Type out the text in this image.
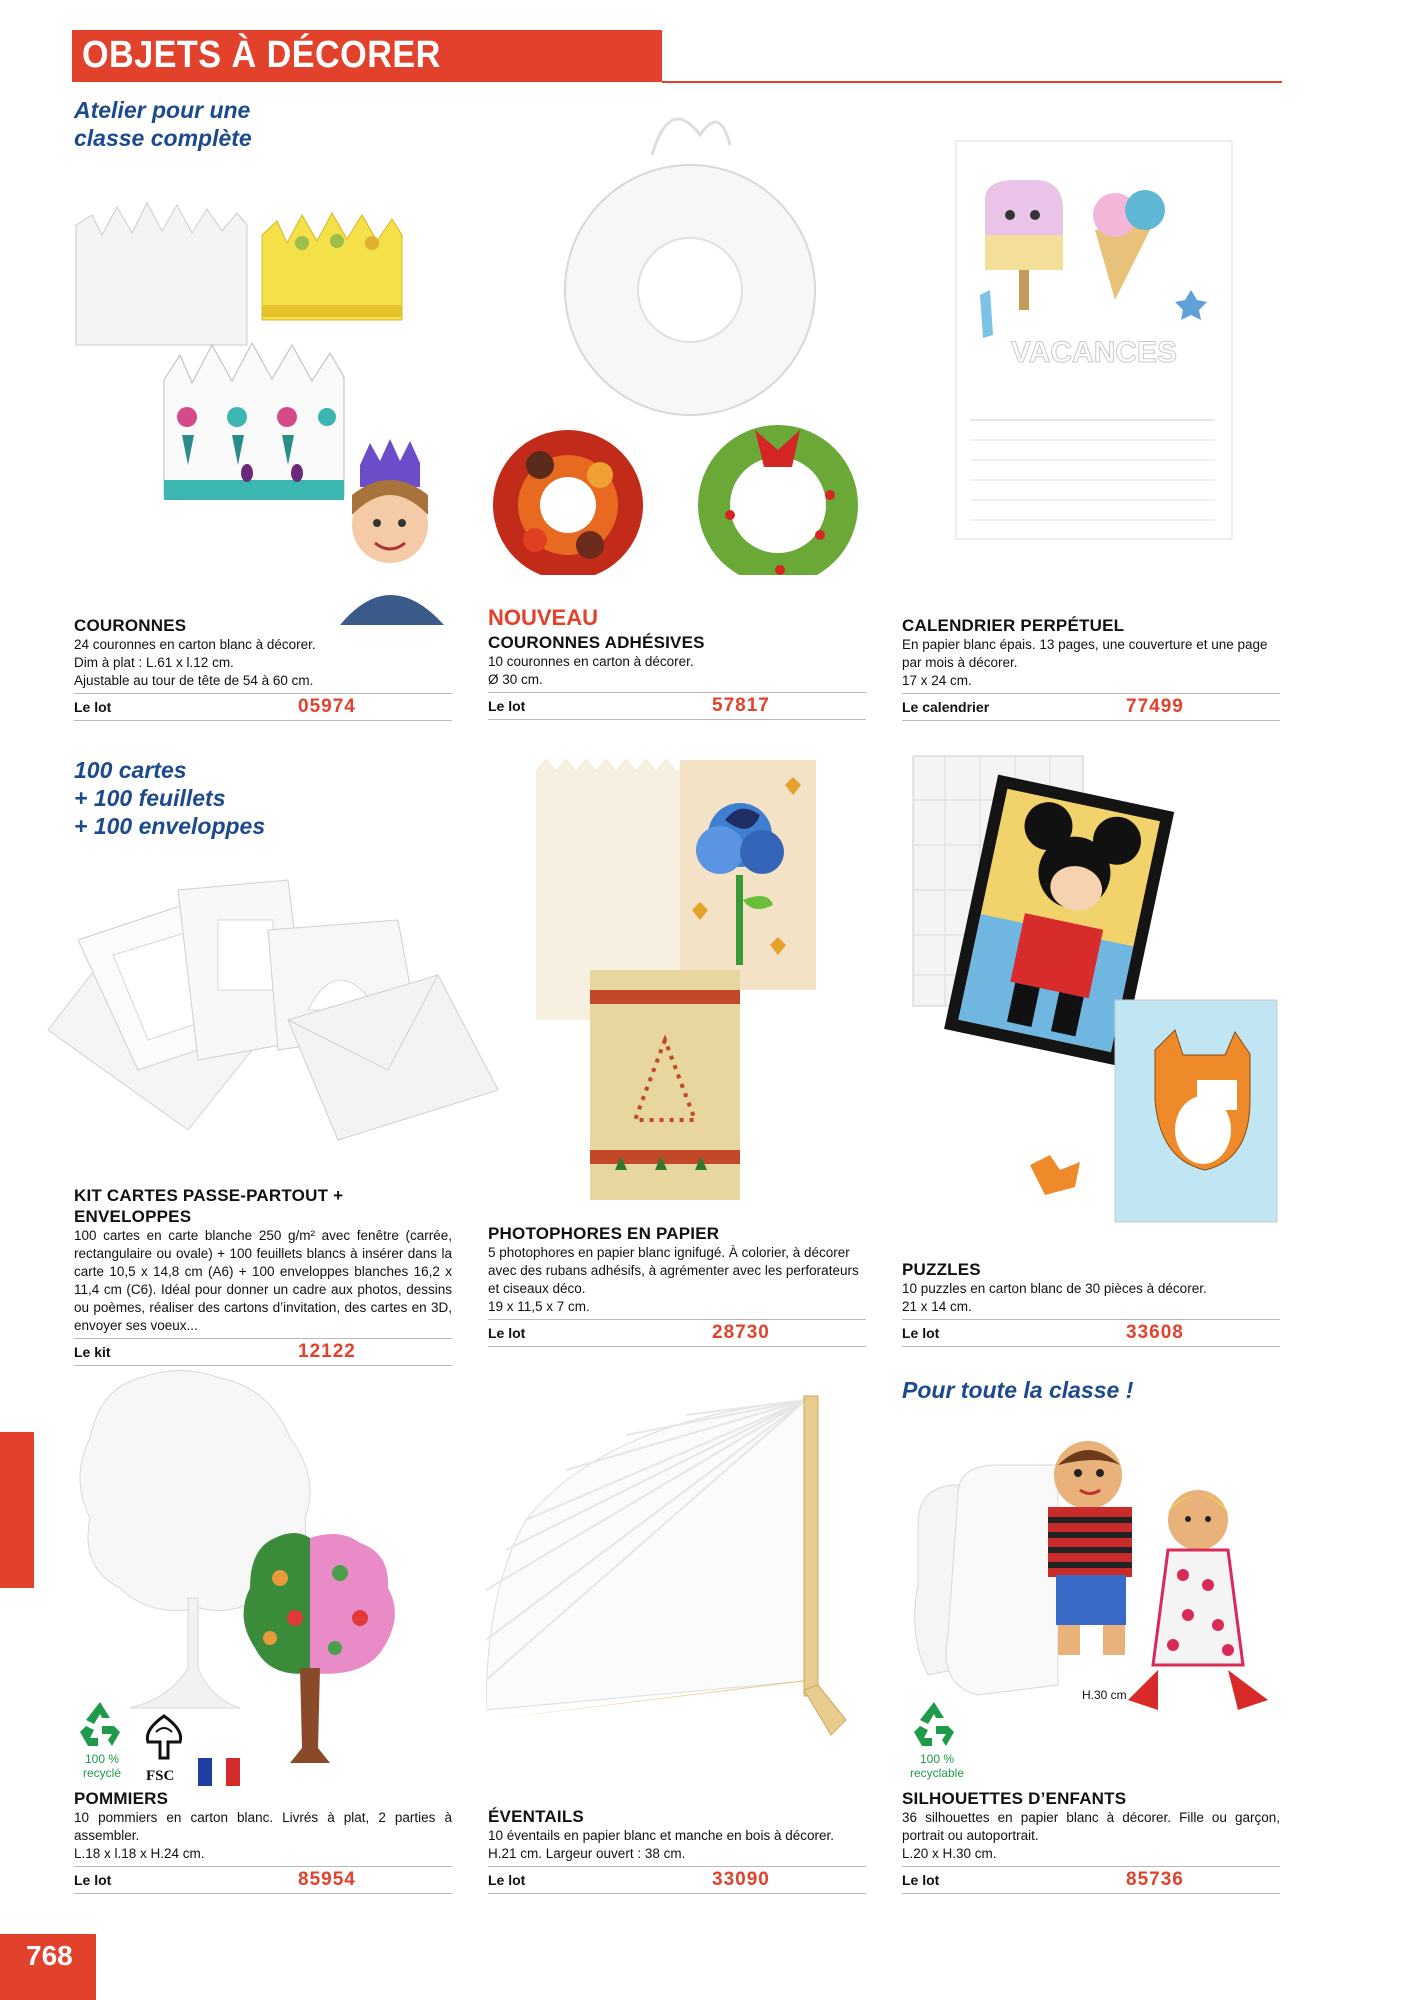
OBJETS À DÉCORER
Atelier pour une
classe complète
100 cartes
+ 100 feuillets
+ 100 enveloppes
Pour toute la classe !
VACANCES
COURONNES
24 couronnes en carton blanc à décorer.
Dim à plat : L.61 x l.12 cm.
Ajustable au tour de tête de 54 à 60 cm.
Le lot	05974
NOUVEAU
COURONNES ADHÉSIVES
10 couronnes en carton à décorer.
Ø 30 cm.
Le lot	57817
CALENDRIER PERPÉTUEL
En papier blanc épais. 13 pages, une couverture et une page par mois à décorer.
17 x 24 cm.
Le calendrier	77499
KIT CARTES PASSE-PARTOUT + ENVELOPPES
100 cartes en carte blanche 250 g/m² avec fenêtre (carrée, rectangulaire ou ovale) + 100 feuillets blancs à insérer dans la carte 10,5 x 14,8 cm (A6) + 100 enveloppes blanches 16,2 x 11,4 cm (C6). Idéal pour donner un cadre aux photos, dessins ou poèmes, réaliser des cartons d’invitation, des cartes en 3D, envoyer ses voeux...
Le kit	12122
PHOTOPHORES EN PAPIER
5 photophores en papier blanc ignifugé. À colorier, à décorer avec des rubans adhésifs, à agrémenter avec les perforateurs et ciseaux déco.
19 x 11,5 x 7 cm.
Le lot	28730
PUZZLES
10 puzzles en carton blanc de 30 pièces à décorer.
21 x 14 cm.
Le lot	33608
H.30 cm
100 %
recyclé	FSC
100 %
recyclable
POMMIERS
10 pommiers en carton blanc. Livrés à plat, 2 parties à assembler.
L.18 x l.18 x H.24 cm.
Le lot	85954
ÉVENTAILS
10 éventails en papier blanc et manche en bois à décorer.
H.21 cm. Largeur ouvert : 38 cm.
Le lot	33090
SILHOUETTES D’ENFANTS
36 silhouettes en papier blanc à décorer. Fille ou garçon, portrait ou autoportrait.
L.20 x H.30 cm.
Le lot	85736
768
